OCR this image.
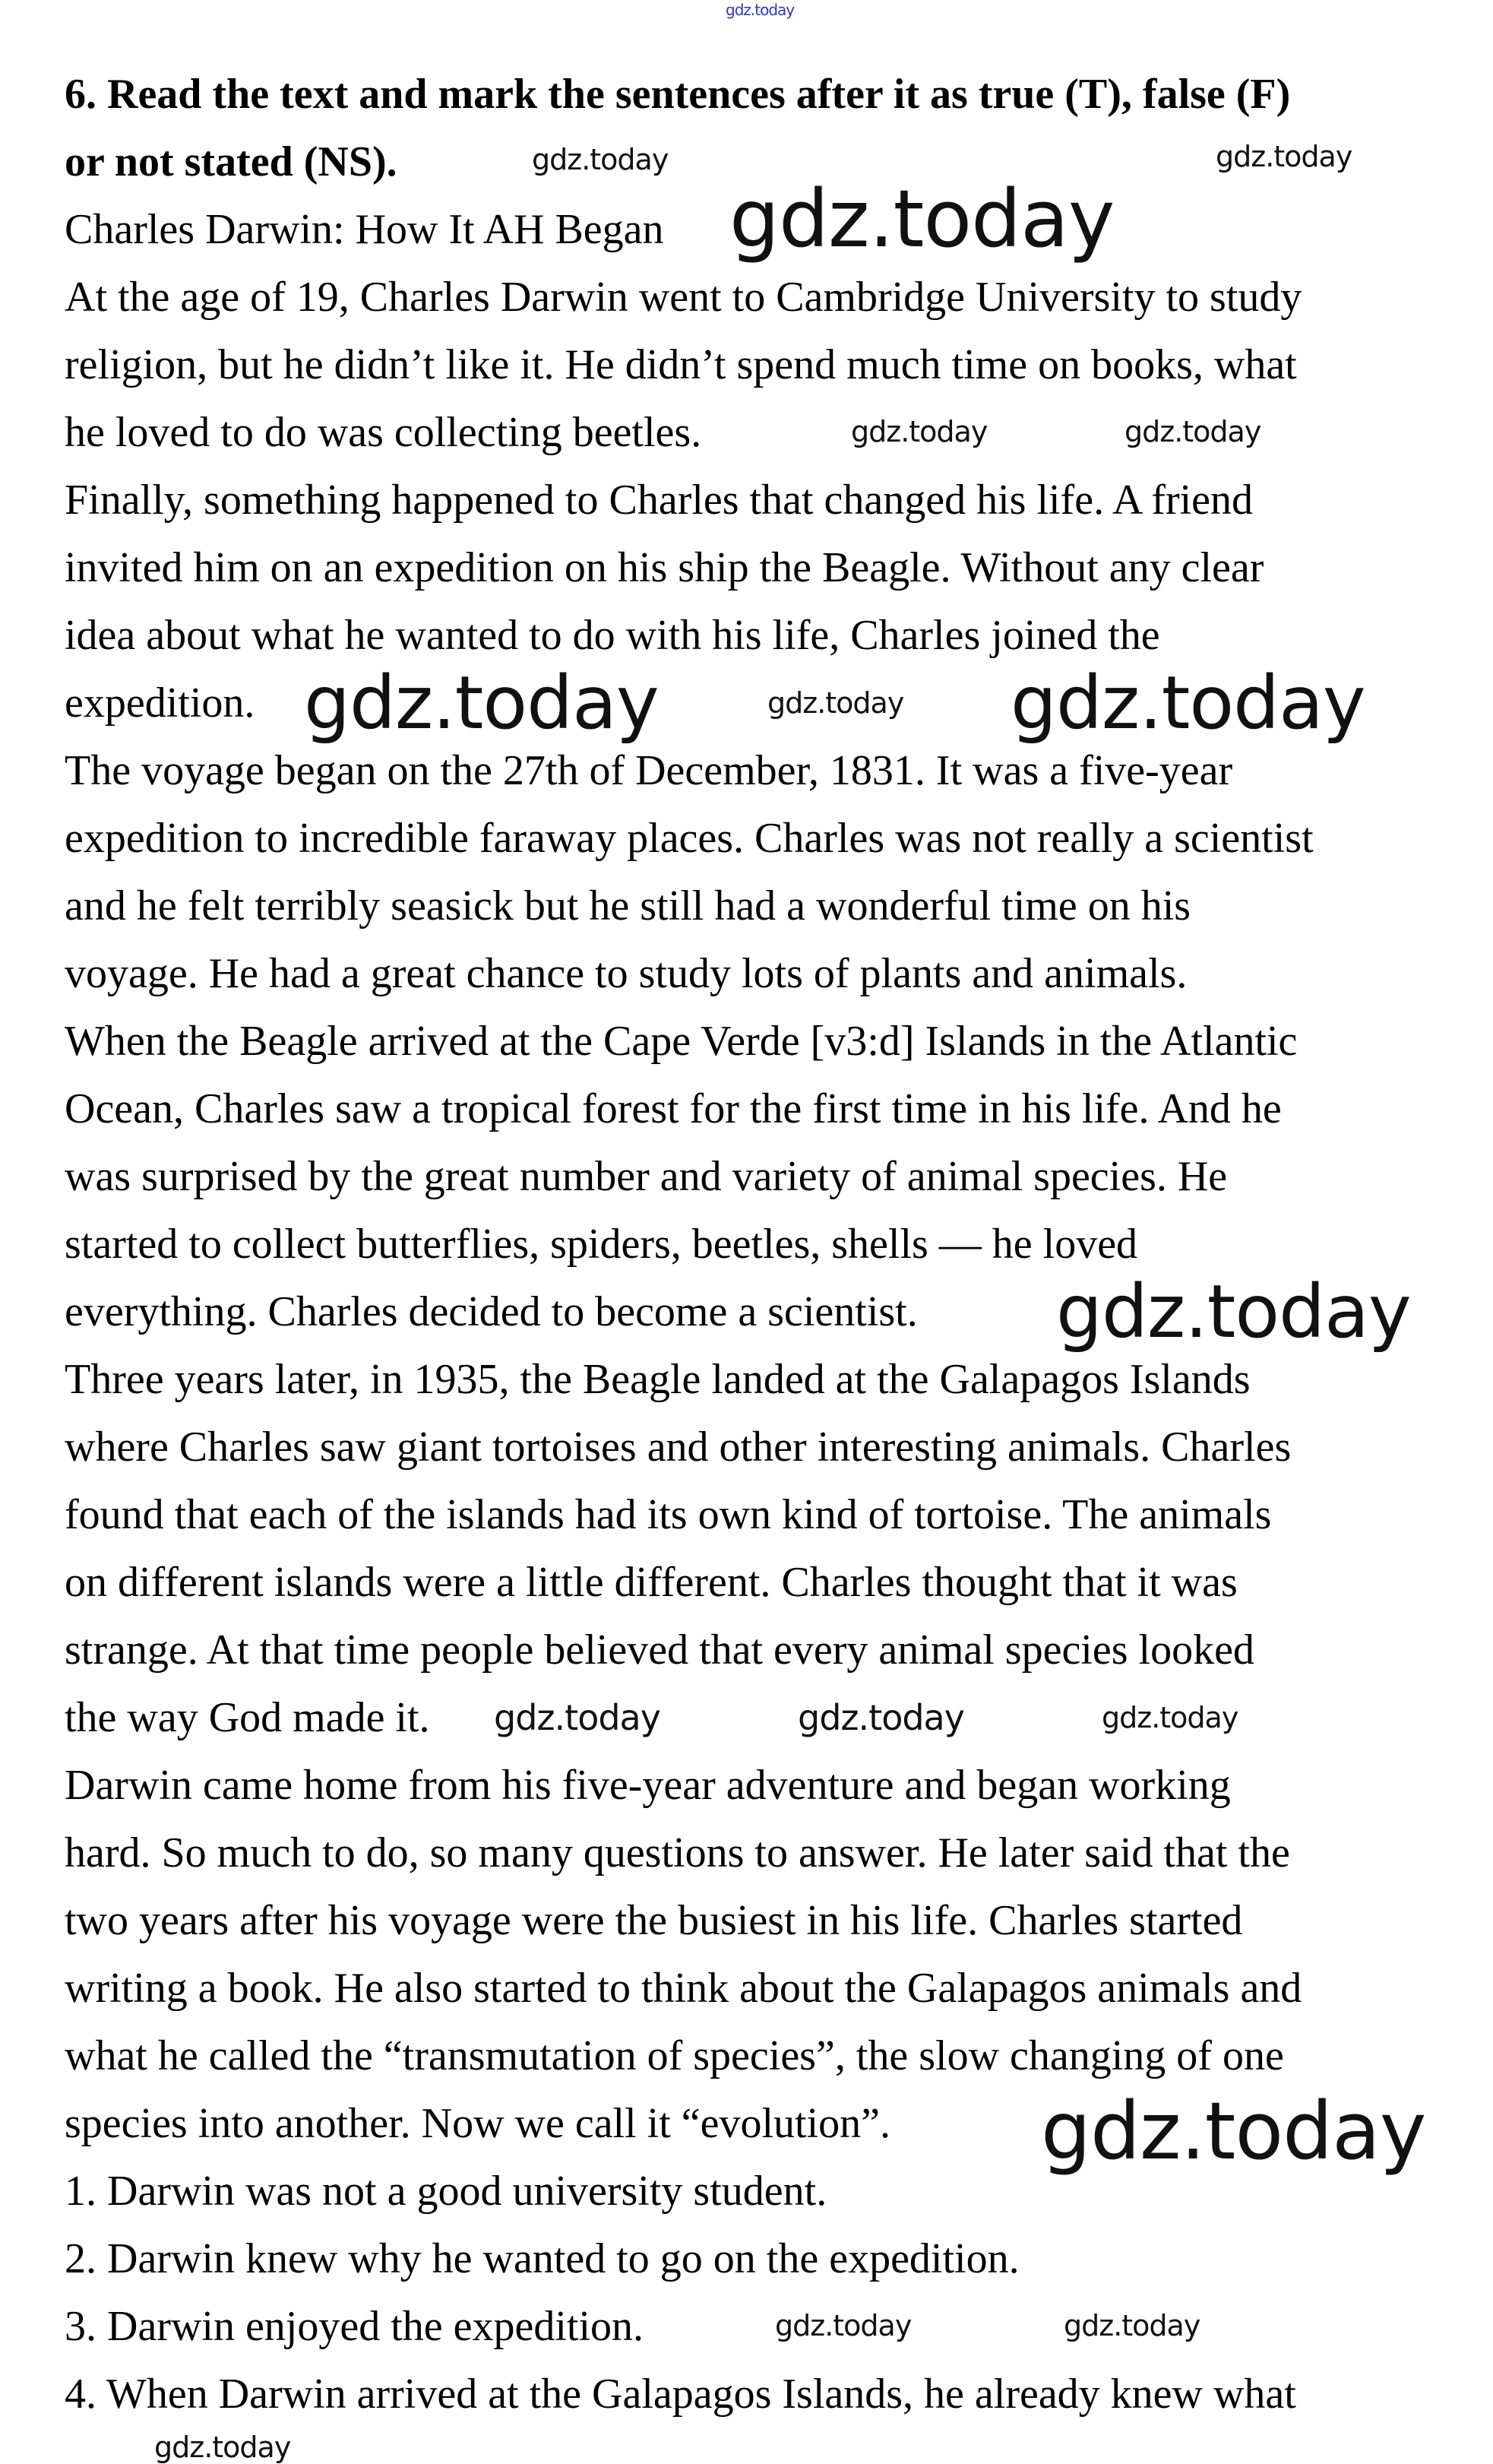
gdz.today
6. Read the text and mark the sentences after it as true (T), false (F)
or not stated (NS).
Charles Darwin: How It AH Began
At the age of 19, Charles Darwin went to Cambridge University to study
religion, but he didn’t like it. He didn’t spend much time on books, what
he loved to do was collecting beetles.
Finally, something happened to Charles that changed his life. A friend
invited him on an expedition on his ship the Beagle. Without any clear
idea about what he wanted to do with his life, Charles joined the
expedition.
The voyage began on the 27th of December, 1831. It was a five-year
expedition to incredible faraway places. Charles was not really a scientist
and he felt terribly seasick but he still had a wonderful time on his
voyage. He had a great chance to study lots of plants and animals.
When the Beagle arrived at the Cape Verde [v3:d] Islands in the Atlantic
Ocean, Charles saw a tropical forest for the first time in his life. And he
was surprised by the great number and variety of animal species. He
started to collect butterflies, spiders, beetles, shells — he loved
everything. Charles decided to become a scientist.
Three years later, in 1935, the Beagle landed at the Galapagos Islands
where Charles saw giant tortoises and other interesting animals. Charles
found that each of the islands had its own kind of tortoise. The animals
on different islands were a little different. Charles thought that it was
strange. At that time people believed that every animal species looked
the way God made it.
Darwin came home from his five-year adventure and began working
hard. So much to do, so many questions to answer. He later said that the
two years after his voyage were the busiest in his life. Charles started
writing a book. He also started to think about the Galapagos animals and
what he called the “transmutation of species”, the slow changing of one
species into another. Now we call it “evolution”.
1. Darwin was not a good university student.
2. Darwin knew why he wanted to go on the expedition.
3. Darwin enjoyed the expedition.
4. When Darwin arrived at the Galapagos Islands, he already knew what
gdz.today
gdz.today	gdz.today
gdz.today
gdz.today
gdz.today	gdz.today
gdz.today	gdz.today
gdz.today
gdz.today	gdz.today	gdz.today
gdz.today	gdz.today
gdz.today
